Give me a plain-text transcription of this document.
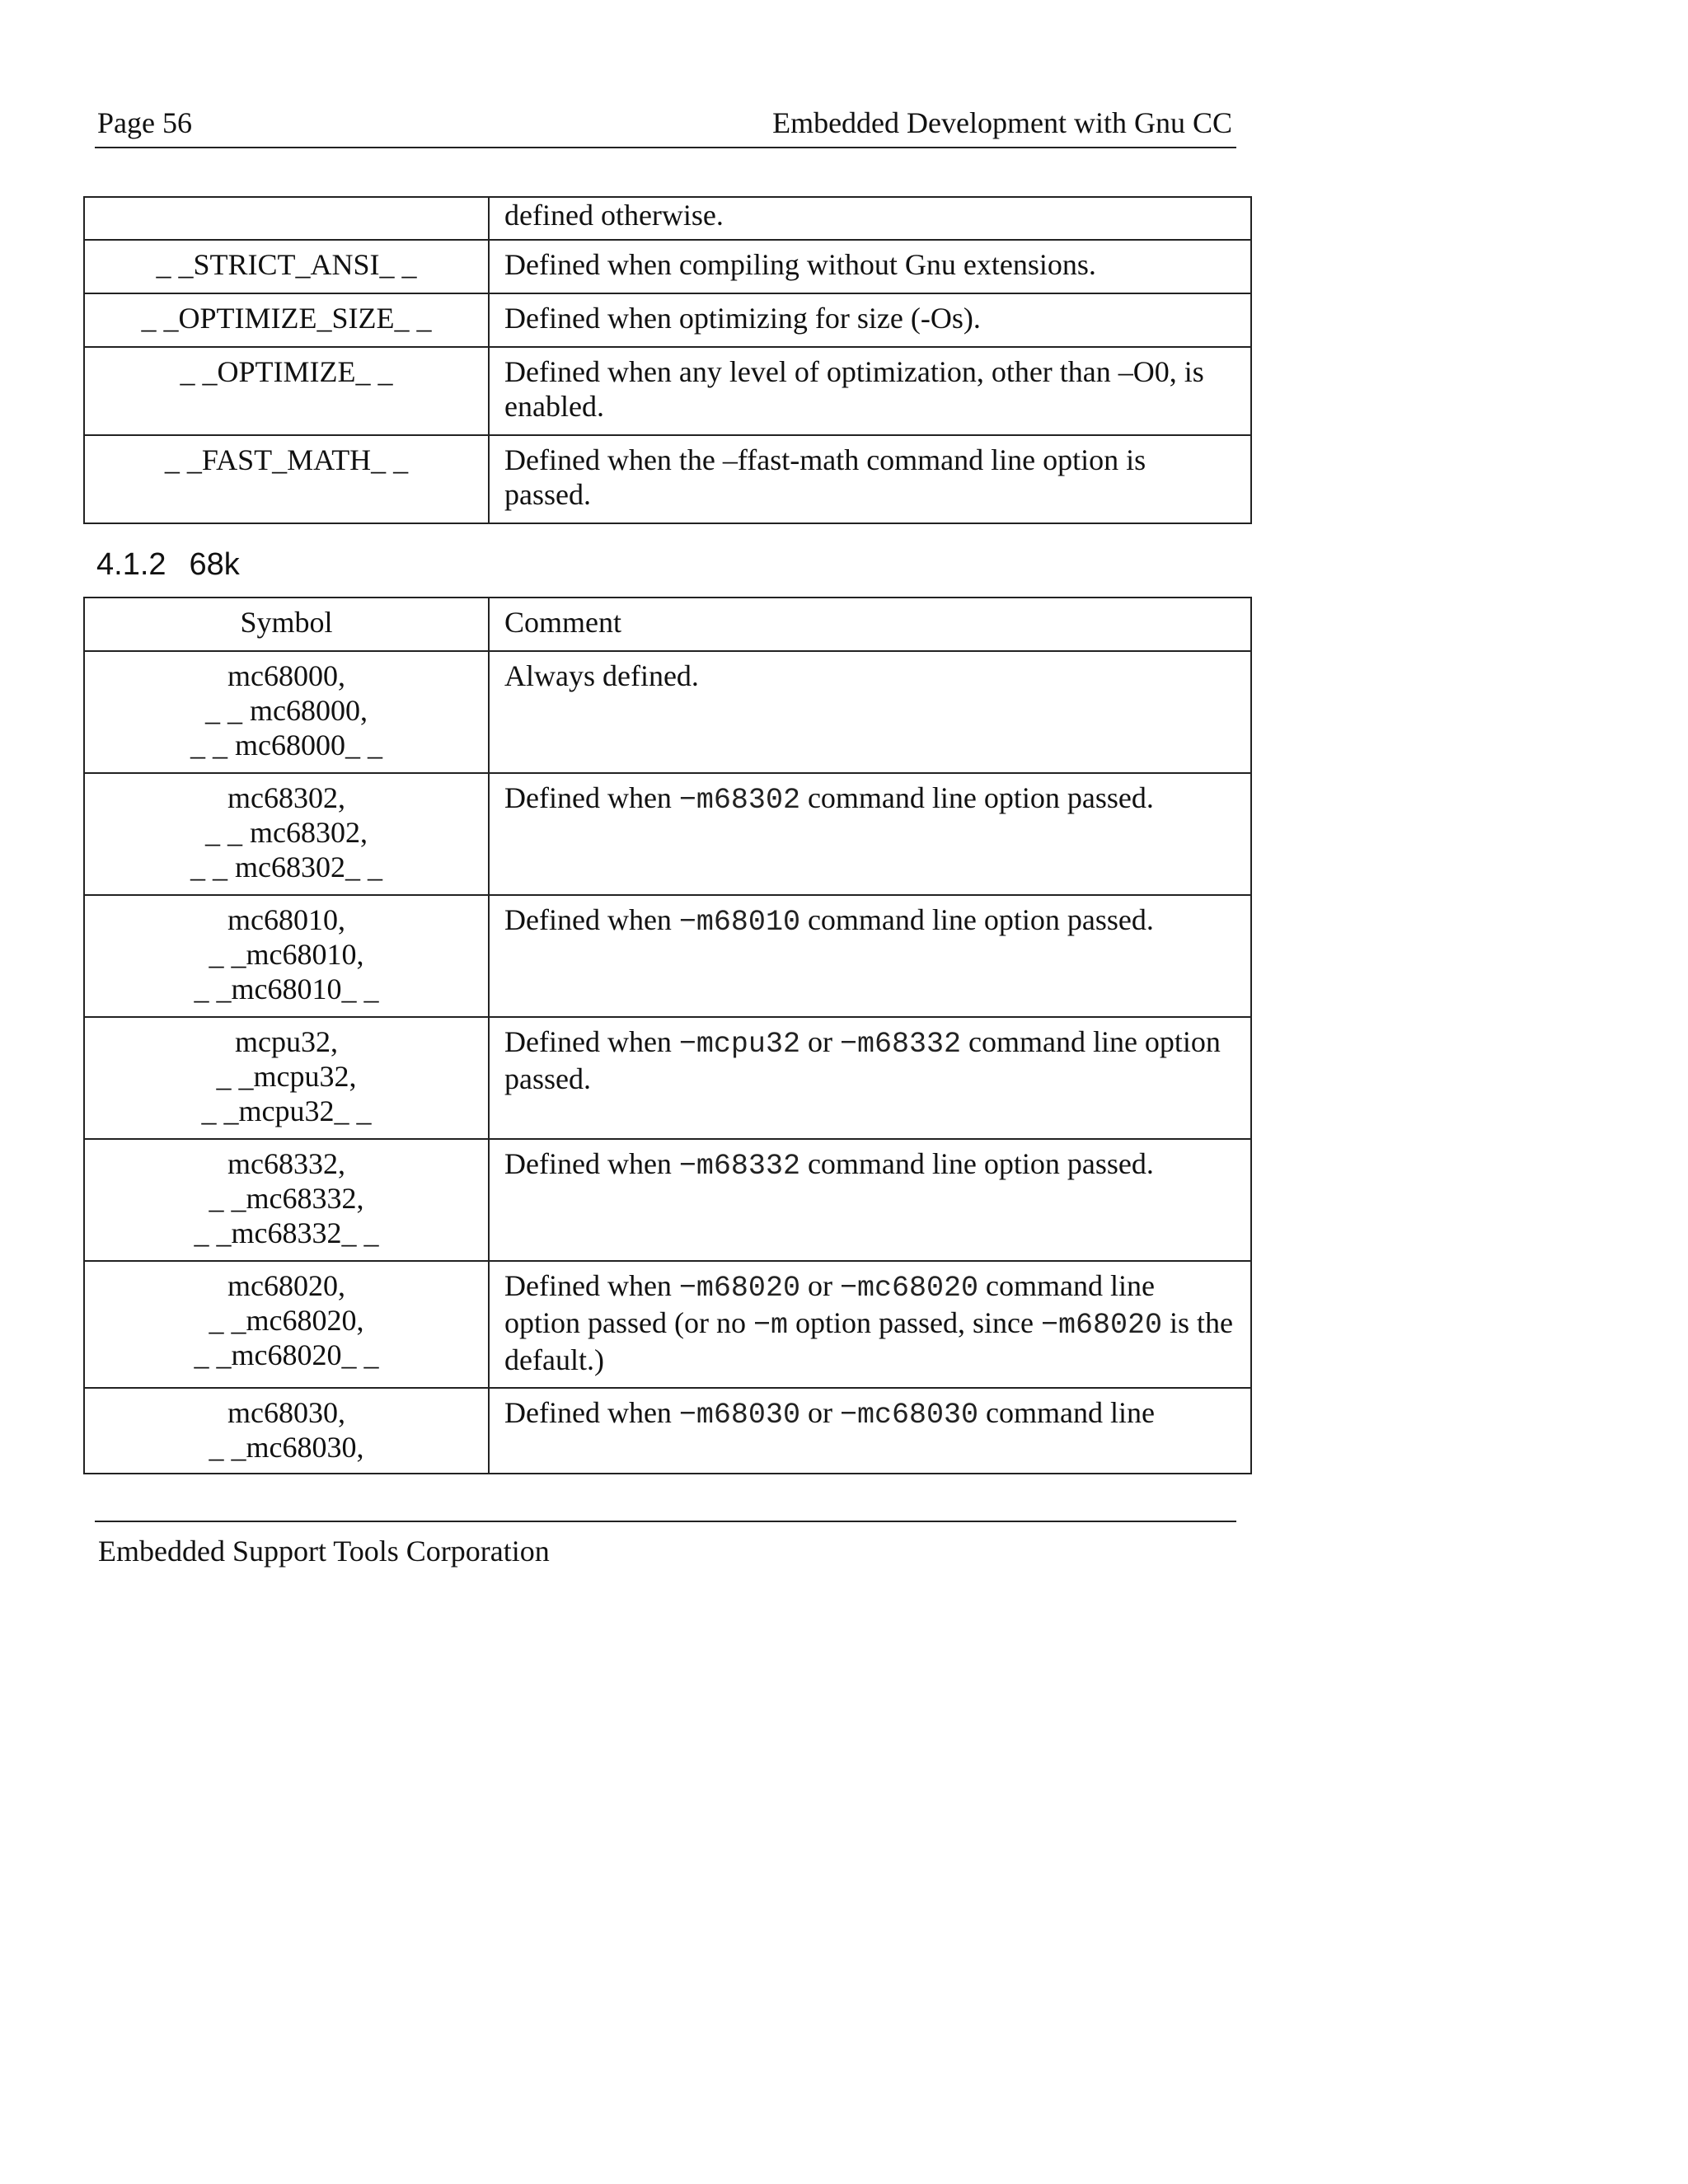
Page 56	Embedded Development with Gnu CC
	defined otherwise.
_ _STRICT_ANSI_ _	Defined when compiling without Gnu extensions.
_ _OPTIMIZE_SIZE_ _	Defined when optimizing for size (-Os).
_ _OPTIMIZE_ _	Defined when any level of optimization, other than –O0, is enabled.
_ _FAST_MATH_ _	Defined when the –ffast-math command line option is passed.
4.1.2 68k
Symbol	Comment

mc68000,
_ _ mc68000,
_ _ mc68000_ _	Always defined.

mc68302,
_ _ mc68302,
_ _ mc68302_ _	Defined when −m68302 command line option passed.

mc68010,
_ _mc68010,
_ _mc68010_ _	Defined when −m68010 command line option passed.

mcpu32,
_ _mcpu32,
_ _mcpu32_ _	Defined when −mcpu32 or −m68332 command line option passed.

mc68332,
_ _mc68332,
_ _mc68332_ _	Defined when −m68332 command line option passed.

mc68020,
_ _mc68020,
_ _mc68020_ _	Defined when −m68020 or −mc68020 command line option passed (or no −m option passed, since −m68020 is the default.)

mc68030,
_ _mc68030,	Defined when −m68030 or −mc68030 command line
Embedded Support Tools Corporation
